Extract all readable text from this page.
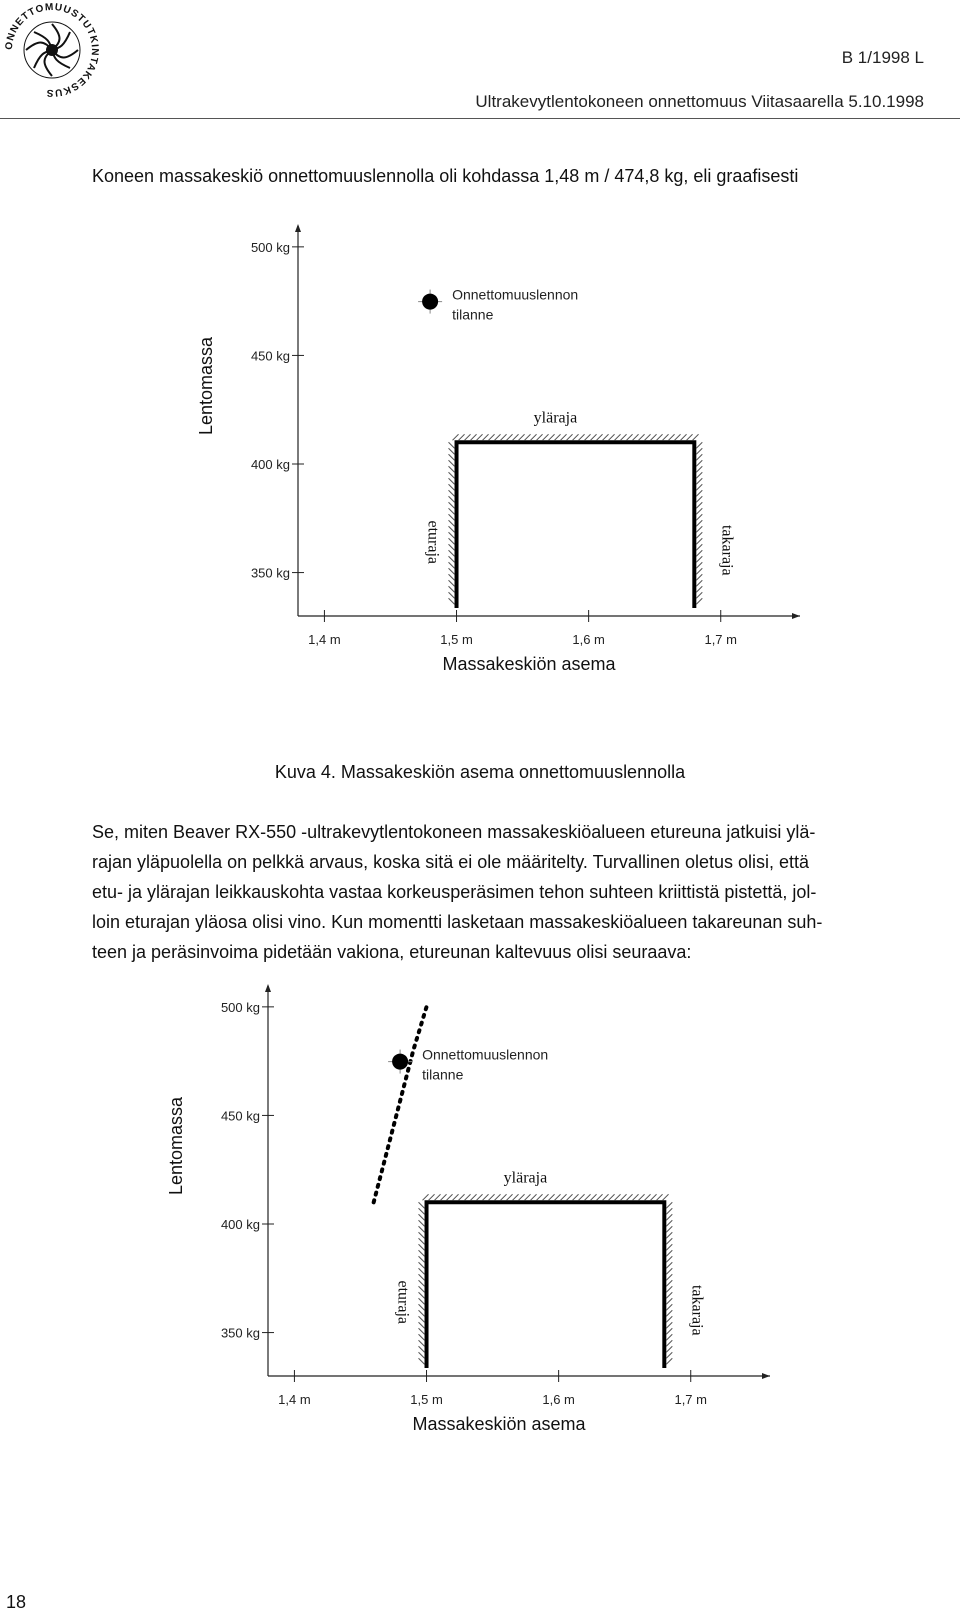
ONNETTOMUUSTUTKINTAKESKUS
B 1/1998 L
Ultrakevytlentokoneen onnettomuus Viitasaarella 5.10.1998
Koneen massakeskiö onnettomuuslennolla oli kohdassa 1,48 m / 474,8 kg, eli graafisesti
500 kg
450 kg
400 kg
350 kg
1,4 m	1,5 m	1,6 m	1,7 m
Massakeskiön asema
Lentomassa	yläraja
eturaja	takaraja
Onnettomuuslennon
tilanne
Kuva 4. Massakeskiön asema onnettomuuslennolla
Se, miten Beaver RX-550 -ultrakevytlentokoneen massakeskiöalueen etureuna jatkuisi ylä-
rajan yläpuolella on pelkkä arvaus, koska sitä ei ole määritelty. Turvallinen oletus olisi, että
etu- ja ylärajan leikkauskohta vastaa korkeusperäsimen tehon suhteen kriittistä pistettä, jol-
loin eturajan yläosa olisi vino. Kun momentti lasketaan massakeskiöalueen takareunan suh-
teen ja peräsinvoima pidetään vakiona, etureunan kaltevuus olisi seuraava:
500 kg
450 kg
400 kg
350 kg
1,4 m	1,5 m	1,6 m	1,7 m
Massakeskiön asema
Lentomassa	yläraja
eturaja	takaraja
Onnettomuuslennon
tilanne
18
